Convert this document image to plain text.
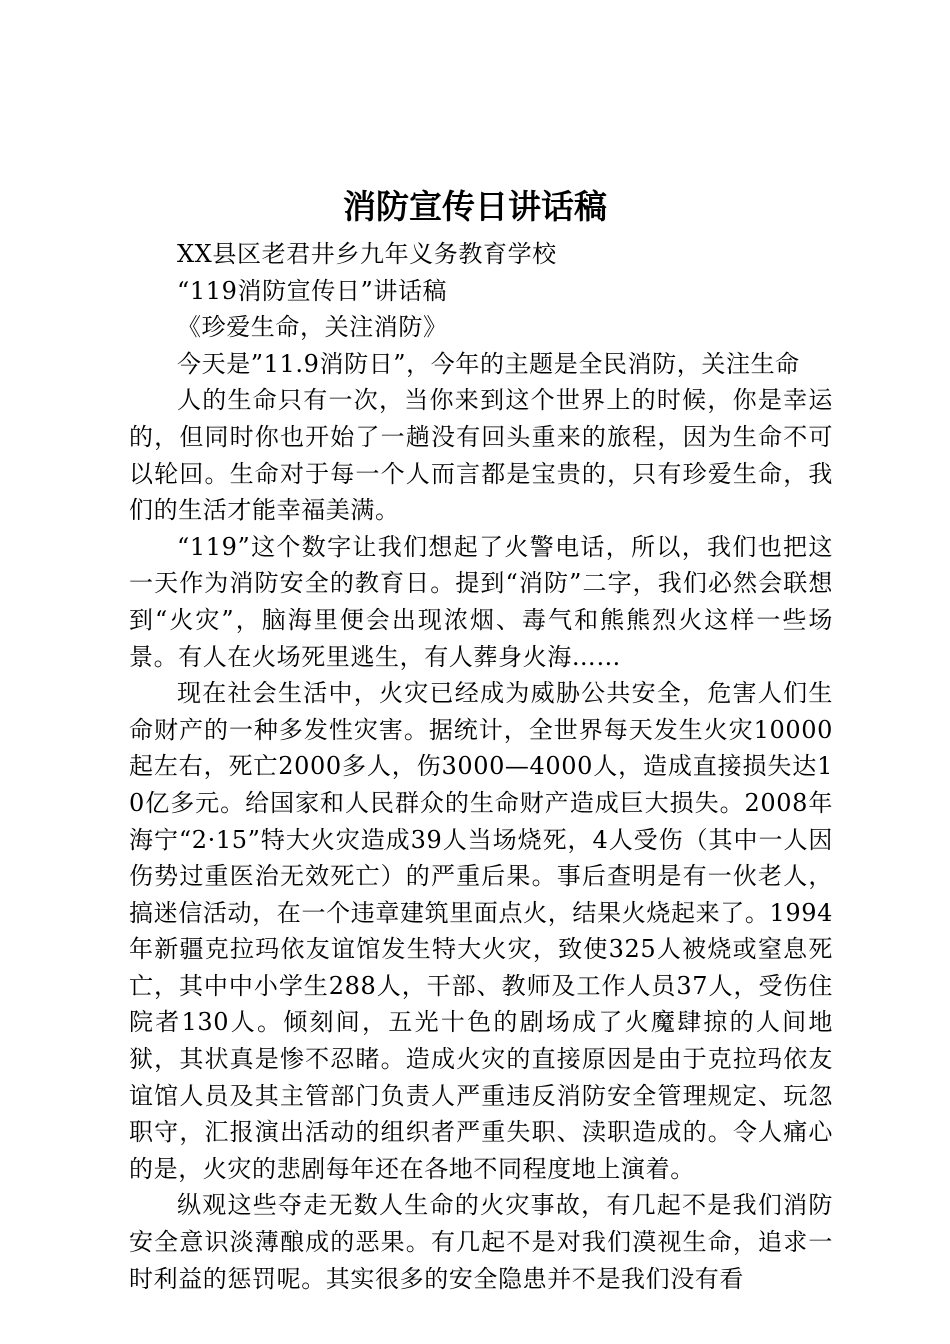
消防宣传日讲话稿

XX县区老君井乡九年义务教育学校

“119消防宣传日”讲话稿

《珍爱生命，关注消防》

今天是”11.9消防日”，今年的主题是全民消防，关注生命

人的生命只有一次，当你来到这个世界上的时候，你是幸运的，但同时你也开始了一趟没有回头重来的旅程，因为生命不可以轮回。生命对于每一个人而言都是宝贵的，只有珍爱生命，我们的生活才能幸福美满。

“119”这个数字让我们想起了火警电话，所以，我们也把这一天作为消防安全的教育日。提到“消防”二字，我们必然会联想到“火灾”，脑海里便会出现浓烟、毒气和熊熊烈火这样一些场景。有人在火场死里逃生，有人葬身火海……

现在社会生活中，火灾已经成为威胁公共安全，危害人们生命财产的一种多发性灾害。据统计，全世界每天发生火灾10000起左右，死亡2000多人，伤3000—4000人，造成直接损失达10亿多元。给国家和人民群众的生命财产造成巨大损失。2008年海宁“2·15”特大火灾造成39人当场烧死，4人受伤（其中一人因伤势过重医治无效死亡）的严重后果。事后查明是有一伙老人，搞迷信活动，在一个违章建筑里面点火，结果火烧起来了。1994年新疆克拉玛依友谊馆发生特大火灾，致使325人被烧或窒息死亡，其中中小学生288人，干部、教师及工作人员37人，受伤住院者130人。倾刻间，五光十色的剧场成了火魔肆掠的人间地狱，其状真是惨不忍睹。造成火灾的直接原因是由于克拉玛依友谊馆人员及其主管部门负责人严重违反消防安全管理规定、玩忽职守，汇报演出活动的组织者严重失职、渎职造成的。令人痛心的是，火灾的悲剧每年还在各地不同程度地上演着。

纵观这些夺走无数人生命的火灾事故，有几起不是我们消防安全意识淡薄酿成的恶果。有几起不是对我们漠视生命，追求一时利益的惩罚呢。其实很多的安全隐患并不是我们没有看
